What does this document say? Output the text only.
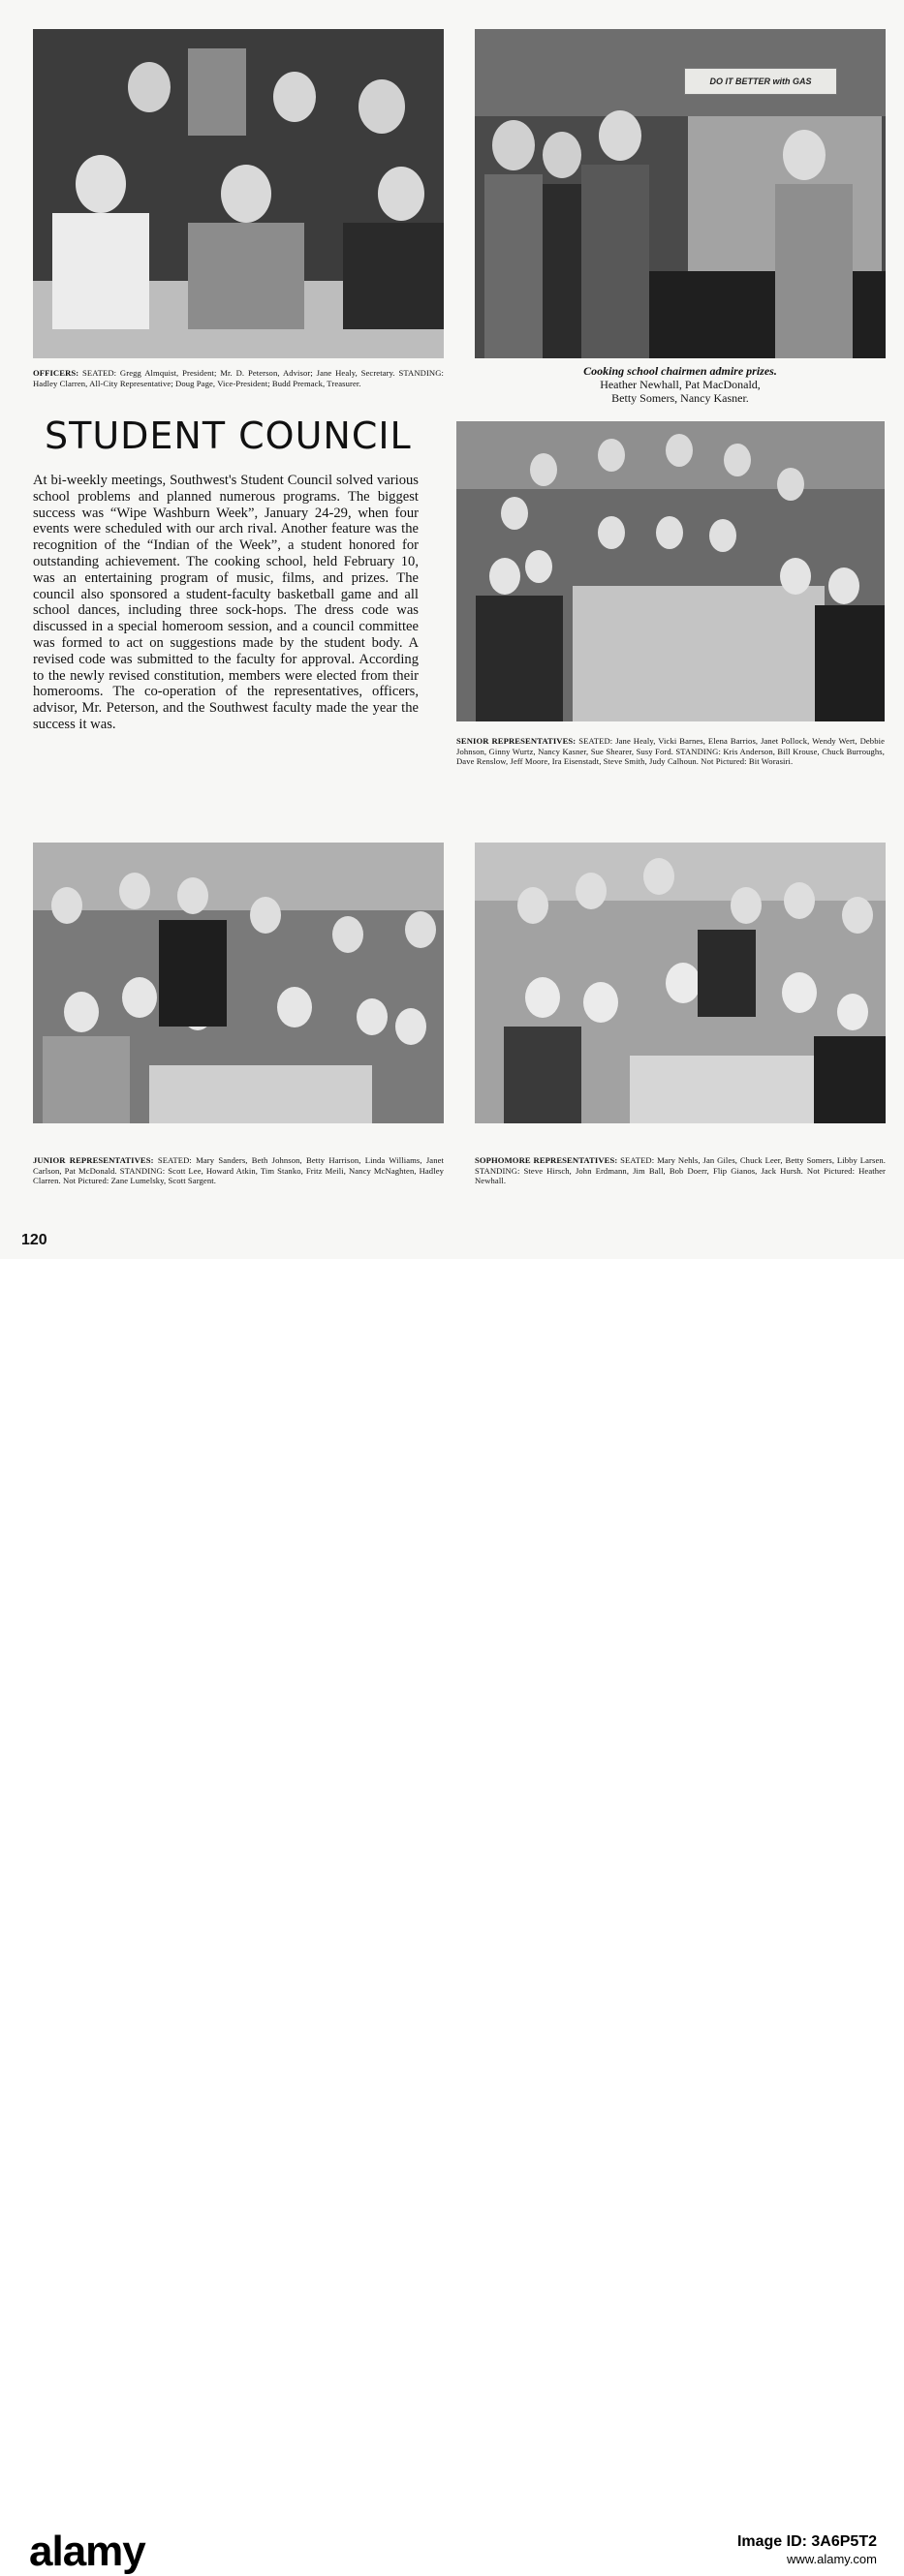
OFFICERS: SEATED: Gregg Almquist, President; Mr. D. Peterson, Advisor; Jane Healy, Secretary. STANDING: Hadley Clarren, All-City Representative; Doug Page, Vice-President; Budd Premack, Treasurer.
DO IT BETTER with GAS
Cooking school chairmen admire prizes.
Heather Newhall, Pat MacDonald,
Betty Somers, Nancy Kasner.
STUDENT COUNCIL
At bi-weekly meetings, Southwest's Student Council solved various school problems and planned numerous programs. The biggest success was “Wipe Washburn Week”, January 24-29, when four events were scheduled with our arch rival. Another feature was the recognition of the “Indian of the Week”, a student honored for outstanding achievement. The cooking school, held February 10, was an entertaining program of music, films, and prizes. The council also sponsored a student-faculty basketball game and all school dances, including three sock-hops. The dress code was discussed in a special homeroom session, and a council committee was formed to act on suggestions made by the student body. A revised code was submitted to the faculty for approval. According to the newly revised constitution, members were elected from their homerooms. The co-operation of the representatives, officers, advisor, Mr. Peterson, and the Southwest faculty made the year the success it was.
SENIOR REPRESENTATIVES: SEATED: Jane Healy, Vicki Barnes, Elena Barrios, Janet Pollock, Wendy Wert, Debbie Johnson, Ginny Wurtz, Nancy Kasner, Sue Shearer, Susy Ford. STANDING: Kris Anderson, Bill Krouse, Chuck Burroughs, Dave Renslow, Jeff Moore, Ira Eisenstadt, Steve Smith, Judy Calhoun. Not Pictured: Bit Worasiri.
JUNIOR REPRESENTATIVES: SEATED: Mary Sanders, Beth Johnson, Betty Harrison, Linda Williams, Janet Carlson, Pat McDonald. STANDING: Scott Lee, Howard Atkin, Tim Stanko, Fritz Meili, Nancy McNaghten, Hadley Clarren. Not Pictured: Zane Lumelsky, Scott Sargent.
SOPHOMORE REPRESENTATIVES: SEATED: Mary Nehls, Jan Giles, Chuck Leer, Betty Somers, Libby Larsen. STANDING: Steve Hirsch, John Erdmann, Jim Ball, Bob Doerr, Flip Gianos, Jack Hursh. Not Pictured: Heather Newhall.
120
alamy	Image ID: 3A6P5T2
www.alamy.com
